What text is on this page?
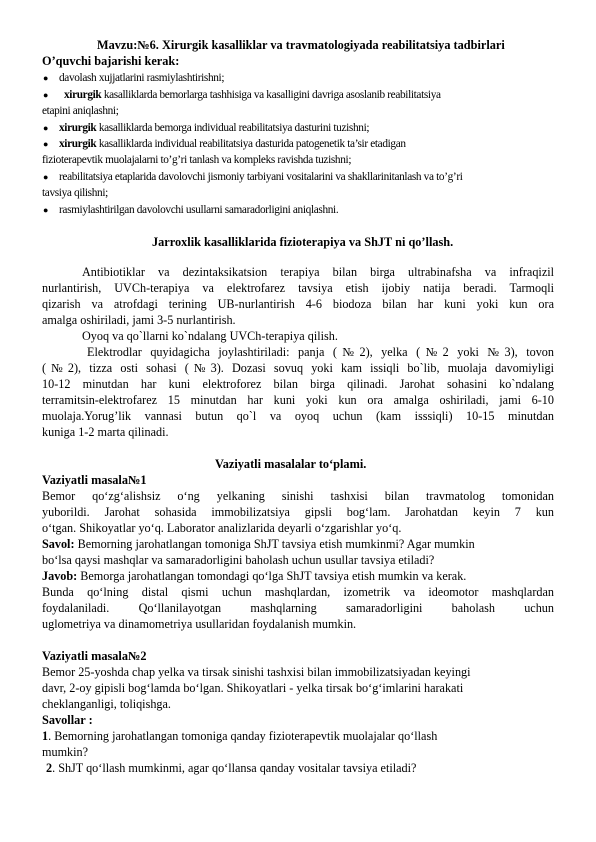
Mavzu:№6. Xirurgik kasalliklar va travmatologiyada reabilitatsiya tadbirlari
O’quvchi bajarishi kerak:
● davolash xujjatlarini rasmiylashtirishni;
● xirurgik kasalliklarda bemorlarga tashhisiga va kasalligini davriga asoslanib reabilitatsiya
etapini aniqlashni;
● xirurgik kasalliklarda bemorga individual reabilitatsiya dasturini tuzishni;
● xirurgik kasalliklarda individual reabilitatsiya dasturida patogenetik ta’sir etadigan
fizioterapevtik muolajalarni to’g’ri tanlash va kompleks ravishda tuzishni;
● reabilitatsiya etaplarida davolovchi jismoniy tarbiyani vositalarini va shakllarinitanlash va to’g’ri
tavsiya qilishni;
● rasmiylashtirilgan davolovchi usullarni samaradorligini aniqlashni.
Jarroxlik kasalliklarida fizioterapiya va ShJT ni qo’llash.
Antibiotiklar va dezintaksikatsion terapiya bilan birga ultrabinafsha va infraqizil
nurlantirish, UVCh-terapiya va elektrofarez tavsiya etish ijobiy natija beradi. Tarmoqli
qizarish va atrofdagi terining UB-nurlantirish 4-6 biodoza bilan har kuni yoki kun ora
amalga oshiriladi, jami 3-5 nurlantirish.
Oyoq va qo`llarni ko`ndalang UVCh-terapiya qilish.
Elektrodlar quyidagicha joylashtiriladi: panja (№2), yelka (№2 yoki №3), tovon
(№2), tizza osti sohasi (№3). Dozasi sovuq yoki kam issiqli bo`lib, muolaja davomiyligi
10-12 minutdan har kuni elektroforez bilan birga qilinadi. Jarohat sohasini ko`ndalang
terramitsin-elektrofarez 15 minutdan har kuni yoki kun ora amalga oshiriladi, jami 6-10
muolaja.Yorug’lik vannasi butun qo`l va oyoq uchun (kam isssiqli) 10-15 minutdan
kuniga 1-2 marta qilinadi.
Vaziyatli masalalar to‘plami.
Vaziyatli masala№1
Bemor qo‘zg‘alishsiz o‘ng yelkaning sinishi tashxisi bilan travmatolog tomonidan
yuborildi. Jarohat sohasida immobilizatsiya gipsli bog‘lam. Jarohatdan keyin 7 kun
o‘tgan. Shikoyatlar yo‘q. Laborator analizlarida deyarli o‘zgarishlar yo‘q.
Savol: Bemorning jarohatlangan tomoniga ShJT tavsiya etish mumkinmi? Agar mumkin
bo‘lsa qaysi mashqlar va samaradorligini baholash uchun usullar tavsiya etiladi?
Javob: Bemorga jarohatlangan tomondagi qo‘lga ShJT tavsiya etish mumkin va kerak.
Bunda qo‘lning distal qismi uchun mashqlardan, izometrik va ideomotor mashqlardan
foydalaniladi. Qo‘llanilayotgan mashqlarning samaradorligini baholash uchun
uglometriya va dinamometriya usullaridan foydalanish mumkin.
Vaziyatli masala№2
Bemor 25-yoshda chap yelka va tirsak sinishi tashxisi bilan immobilizatsiyadan keyingi
davr, 2-oy gipisli bog‘lamda bo‘lgan. Shikoyatlari - yelka tirsak bo‘g‘imlarini harakati
cheklanganligi, toliqishga.
Savollar :
1. Bemorning jarohatlangan tomoniga qanday fizioterapevtik muolajalar qo‘llash
mumkin?
2. ShJT qo‘llash mumkinmi, agar qo‘llansa qanday vositalar tavsiya etiladi?
